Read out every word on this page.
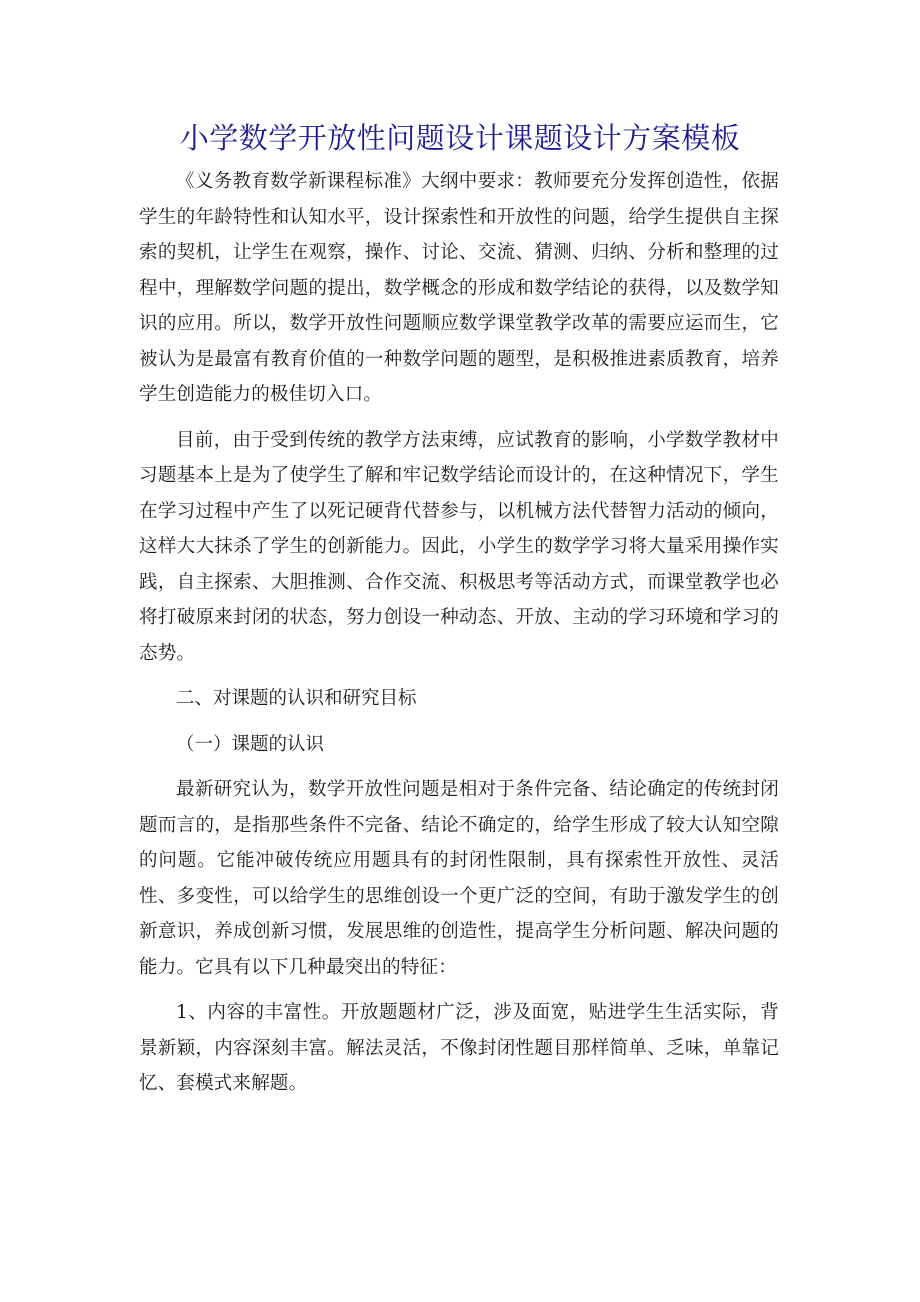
小学数学开放性问题设计课题设计方案模板

《义务教育数学新课程标准》大纲中要求：教师要充分发挥创造性，依据学生的年龄特性和认知水平，设计探索性和开放性的问题，给学生提供自主探索的契机，让学生在观察，操作、讨论、交流、猜测、归纳、分析和整理的过程中，理解数学问题的提出，数学概念的形成和数学结论的获得，以及数学知识的应用。所以，数学开放性问题顺应数学课堂教学改革的需要应运而生，它被认为是最富有教育价值的一种数学问题的题型，是积极推进素质教育，培养学生创造能力的极佳切入口。

目前，由于受到传统的教学方法束缚，应试教育的影响，小学数学教材中习题基本上是为了使学生了解和牢记数学结论而设计的，在这种情况下，学生在学习过程中产生了以死记硬背代替参与，以机械方法代替智力活动的倾向，这样大大抹杀了学生的创新能力。因此，小学生的数学学习将大量采用操作实践，自主探索、大胆推测、合作交流、积极思考等活动方式，而课堂教学也必将打破原来封闭的状态，努力创设一种动态、开放、主动的学习环境和学习的态势。

二、对课题的认识和研究目标

（一）课题的认识

最新研究认为，数学开放性问题是相对于条件完备、结论确定的传统封闭题而言的，是指那些条件不完备、结论不确定的，给学生形成了较大认知空隙的问题。它能冲破传统应用题具有的封闭性限制，具有探索性开放性、灵活性、多变性，可以给学生的思维创设一个更广泛的空间，有助于激发学生的创新意识，养成创新习惯，发展思维的创造性，提高学生分析问题、解决问题的能力。它具有以下几种最突出的特征：

1、内容的丰富性。开放题题材广泛，涉及面宽，贴进学生生活实际，背景新颖，内容深刻丰富。解法灵活，不像封闭性题目那样简单、乏味，单靠记忆、套模式来解题。
